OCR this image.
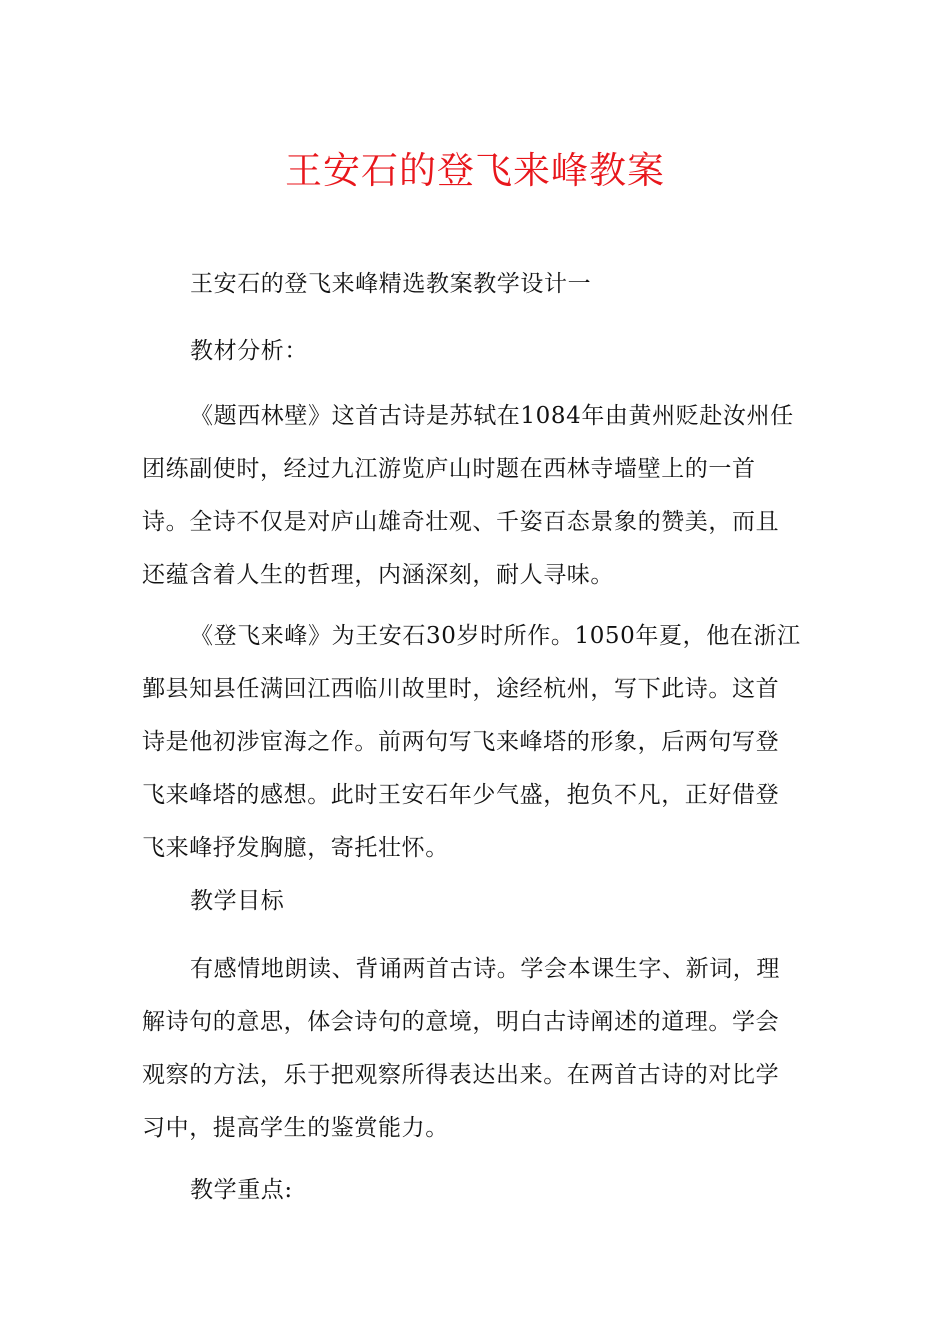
王安石的登飞来峰教案

王安石的登飞来峰精选教案教学设计一

教材分析：

《题西林壁》这首古诗是苏轼在1084年由黄州贬赴汝州任团练副使时，经过九江游览庐山时题在西林寺墙壁上的一首诗。全诗不仅是对庐山雄奇壮观、千姿百态景象的赞美，而且还蕴含着人生的哲理，内涵深刻，耐人寻味。

《登飞来峰》为王安石30岁时所作。1050年夏，他在浙江鄞县知县任满回江西临川故里时，途经杭州，写下此诗。这首诗是他初涉宦海之作。前两句写飞来峰塔的形象，后两句写登飞来峰塔的感想。此时王安石年少气盛，抱负不凡，正好借登飞来峰抒发胸臆，寄托壮怀。

教学目标

有感情地朗读、背诵两首古诗。学会本课生字、新词，理解诗句的意思，体会诗句的意境，明白古诗阐述的道理。学会观察的方法，乐于把观察所得表达出来。在两首古诗的对比学习中，提高学生的鉴赏能力。

教学重点:
